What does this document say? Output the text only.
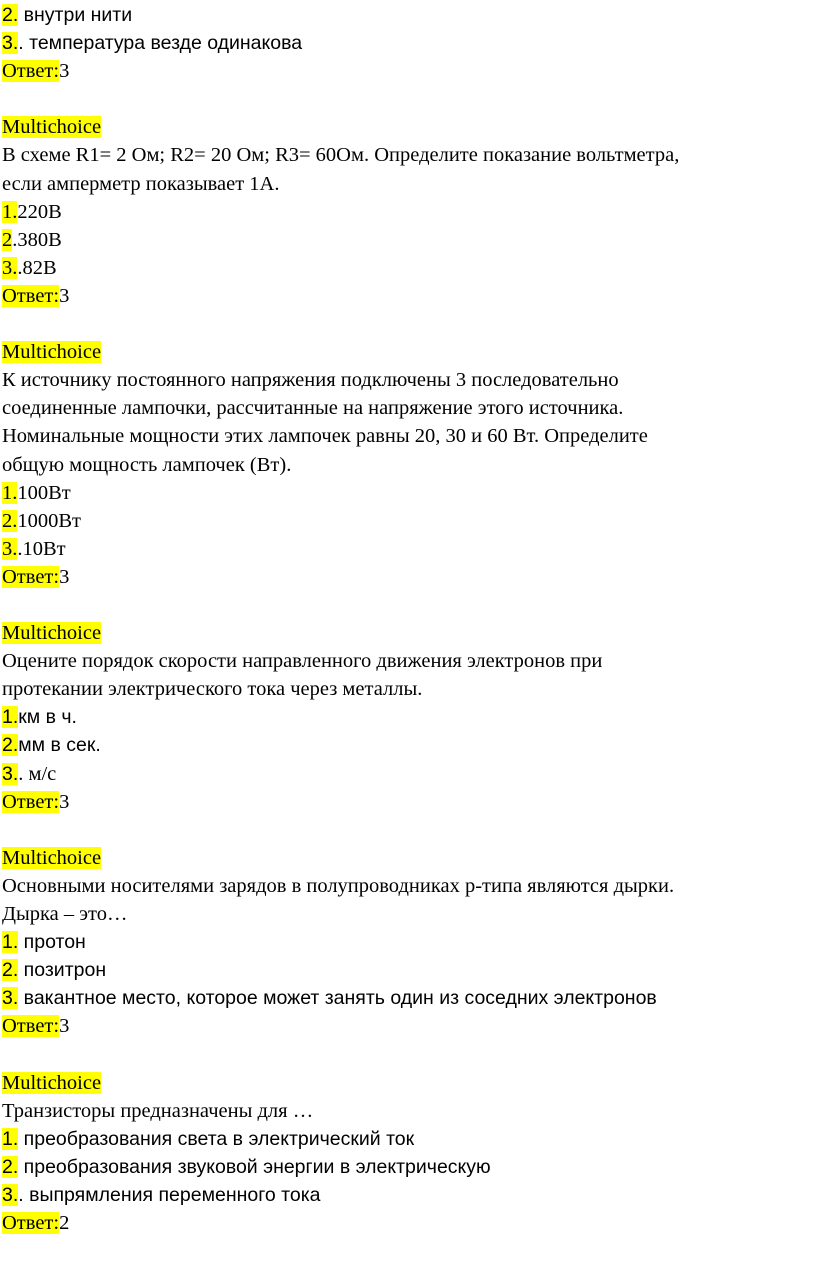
2. внутри нити
3.. температура везде одинакова
Ответ:3
Multichoice
В схеме R1= 2 Ом; R2= 20 Ом; R3= 60Ом. Определите показание вольтметра,
если амперметр показывает 1А.
1.220В
2.380В
3..82В
Ответ:3
Multichoice
К источнику постоянного напряжения подключены 3 последовательно
соединенные лампочки, рассчитанные на напряжение этого источника.
Номинальные мощности этих лампочек равны 20, 30 и 60 Вт. Определите
общую мощность лампочек (Вт).
1.100Вт
2.1000Вт
3..10Вт
Ответ:3
Multichoice
Оцените порядок скорости направленного движения электронов при
протекании электрического тока через металлы.
1.км в ч.
2.мм в сек.
3.. м/с
Ответ:3
Multichoice
Основными носителями зарядов в полупроводниках р-типа являются дырки.
Дырка – это…
1. протон
2. позитрон
3. вакантное место, которое может занять один из соседних электронов
Ответ:3
Multichoice
Транзисторы предназначены для …
1. преобразования света в электрический ток
2. преобразования звуковой энергии в электрическую
3.. выпрямления переменного тока
Ответ:2
